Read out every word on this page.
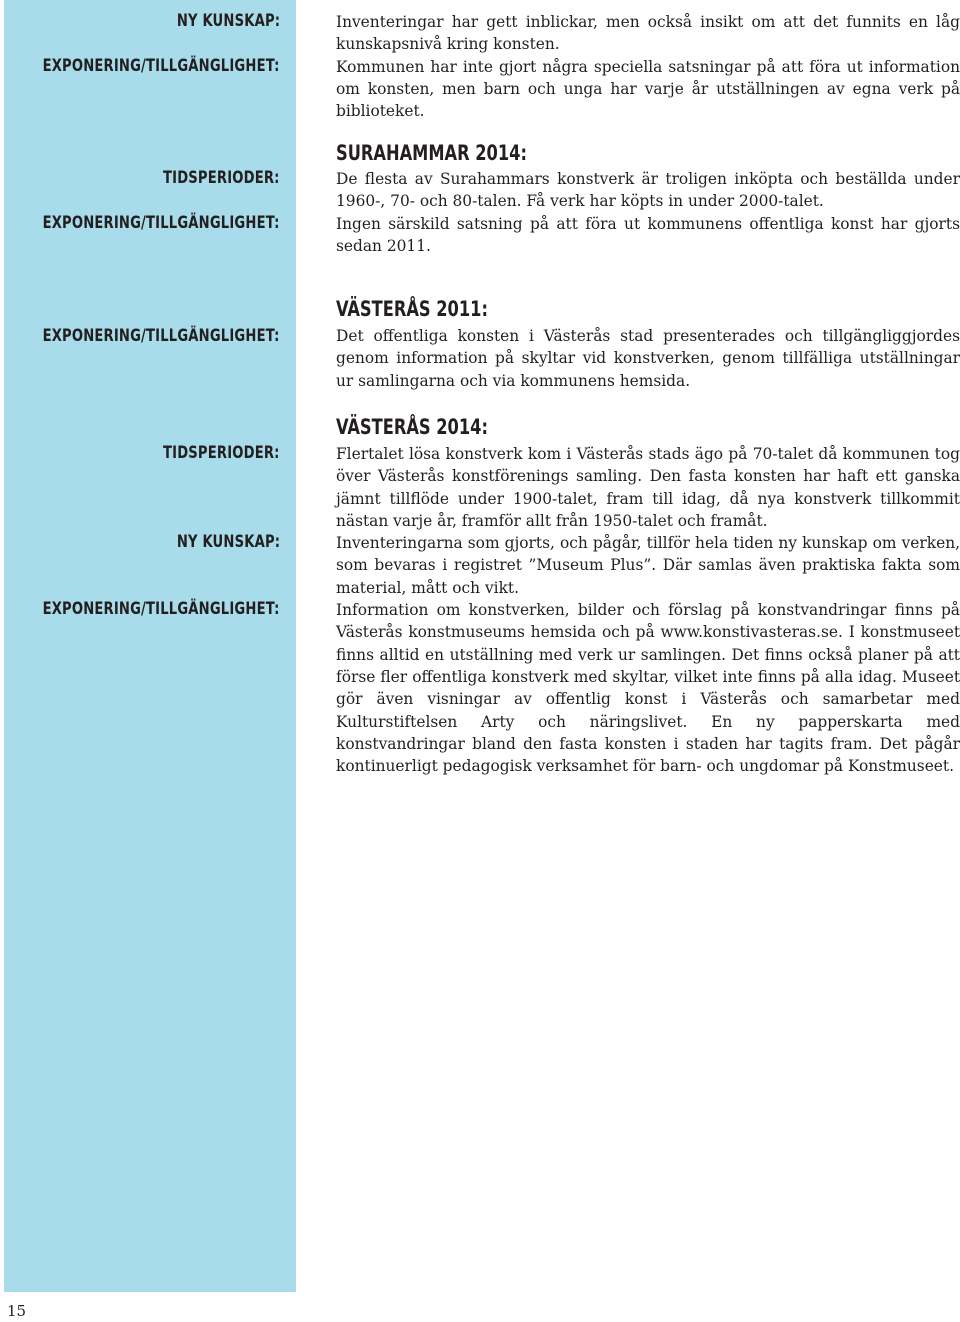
NY KUNSKAP:
EXPONERING/TILLGÄNGLIGHET:

Inventeringar har gett inblickar, men också insikt om att det funnits en låg kunskapsnivå kring konsten.

Kommunen har inte gjort några speciella satsningar på att föra ut information om konsten, men barn och unga har varje år utställningen av egna verk på biblioteket.

SURAHAMMAR 2014:
TIDSPERIODER:
EXPONERING/TILLGÄNGLIGHET:

De flesta av Surahammars konstverk är troligen inköpta och beställda under 1960-, 70- och 80-talen. Få verk har köpts in under 2000-talet.

Ingen särskild satsning på att föra ut kommunens offentliga konst har gjorts sedan 2011.

VÄSTERÅS 2011:
EXPONERING/TILLGÄNGLIGHET:	Det offentliga konsten i Västerås stad presenterades och tillgängliggjordes genom information på skyltar vid konstverken, genom tillfälliga utställningar ur samlingarna och via kommunens hemsida.

VÄSTERÅS 2014:
TIDSPERIODER:
NY KUNSKAP:
EXPONERING/TILLGÄNGLIGHET:

Flertalet lösa konstverk kom i Västerås stads ägo på 70-talet då kommunen tog över Västerås konstförenings samling. Den fasta konsten har haft ett ganska jämnt tillflöde under 1900-talet, fram till idag, då nya konstverk tillkommit nästan varje år, framför allt från 1950-talet och framåt.

Inventeringarna som gjorts, och pågår, tillför hela tiden ny kunskap om verken, som bevaras i registret ”Museum Plus”. Där samlas även praktiska fakta som material, mått och vikt.

Information om konstverken, bilder och förslag på konstvandringar finns på Västerås konstmuseums hemsida och på www.konstivasteras.se. I konstmuseet finns alltid en utställning med verk ur samlingen. Det finns också planer på att förse fler offentliga konstverk med skyltar, vilket inte finns på alla idag. Museet gör även visningar av offentlig konst i Västerås och samarbetar med Kulturstiftelsen Arty och näringslivet. En ny papperskarta med konstvandringar bland den fasta konsten i staden har tagits fram. Det pågår kontinuerligt pedagogisk verksamhet för barn- och ungdomar på Konstmuseet.

15
